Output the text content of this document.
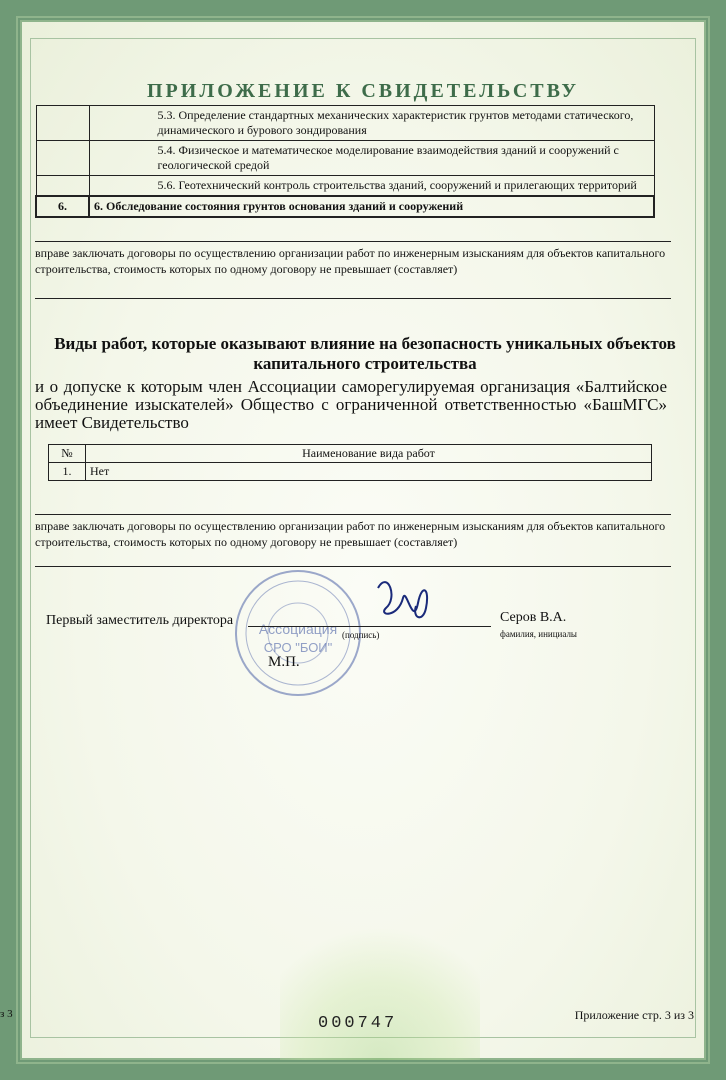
ПРИЛОЖЕНИЕ К СВИДЕТЕЛЬСТВУ
	5.3. Определение стандартных механических характеристик грунтов методами статического, динамического и бурового зондирования
	5.4. Физическое и математическое моделирование взаимодействия зданий и сооружений с геологической средой
	5.6. Геотехнический контроль строительства зданий, сооружений и прилегающих территорий
6.	6. Обследование состояния грунтов основания зданий и сооружений
вправе заключать договоры по осуществлению организации работ по инженерным изысканиям для объектов капитального строительства, стоимость которых по одному договору не превышает (составляет)
Виды работ, которые оказывают влияние на безопасность уникальных объектов капитального строительства
и о допуске к которым член Ассоциации саморегулируемая организация «Балтийское объединение изыскателей» Общество с ограниченной ответственностью «БашМГС» имеет Свидетельство
№	Наименование вида работ
1.	Нет
вправе заключать договоры по осуществлению организации работ по инженерным изысканиям для объектов капитального строительства, стоимость которых по одному договору не превышает (составляет)
Ассоциация
СРО "БОИ"
Первый заместитель директора
(подпись)
Серов В.А.
фамилия, инициалы
М.П.
з 3	000747	Приложение стр. 3 из 3
